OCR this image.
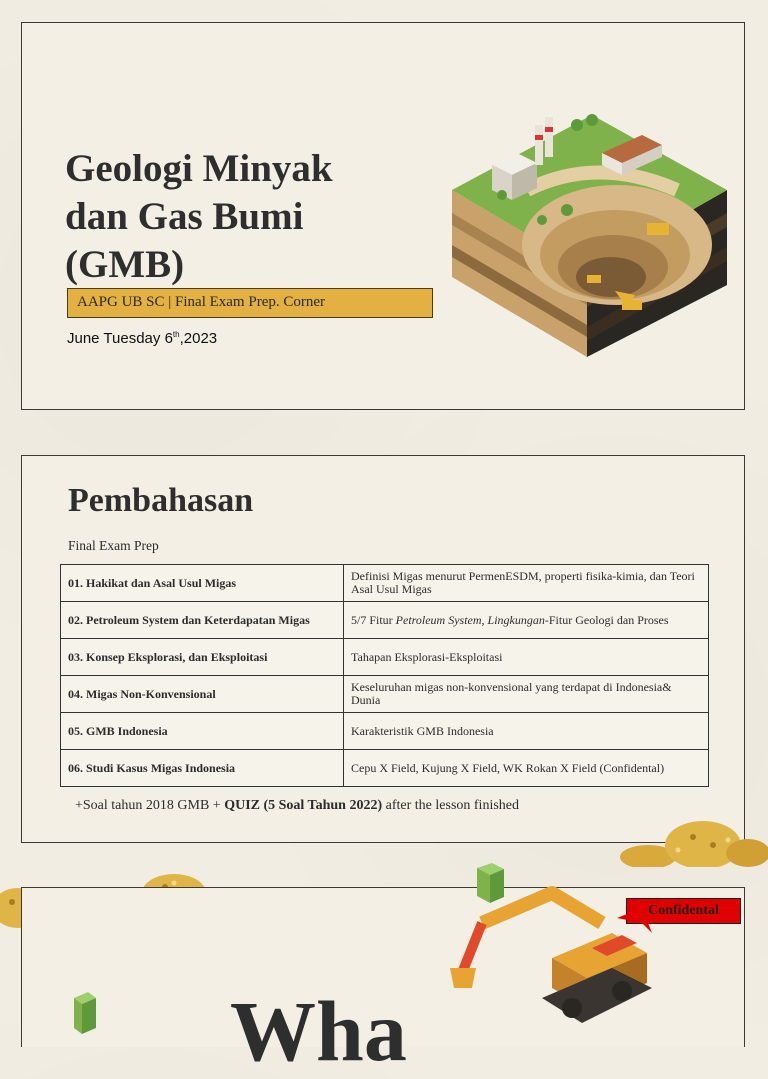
Geologi Minyak
dan Gas Bumi
(GMB)
AAPG UB SC | Final Exam Prep. Corner
June Tuesday 6th,2023
Pembahasan
Final Exam Prep
01. Hakikat dan Asal Usul Migas	Definisi Migas menurut PermenESDM, properti fisika-kimia, dan Teori Asal Usul Migas
02. Petroleum System dan Keterdapatan Migas	5/7 Fitur Petroleum System, Lingkungan-Fitur Geologi dan Proses
03. Konsep Eksplorasi, dan Eksploitasi	Tahapan Eksplorasi-Eksploitasi
04. Migas Non-Konvensional	Keseluruhan migas non-konvensional yang terdapat di Indonesia& Dunia
05. GMB Indonesia	Karakteristik GMB Indonesia
06. Studi Kasus Migas Indonesia	Cepu X Field, Kujung X Field, WK Rokan X Field (Confidental)
+Soal tahun 2018 GMB + QUIZ (5 Soal Tahun 2022) after the lesson finished
Confidental
Wha
